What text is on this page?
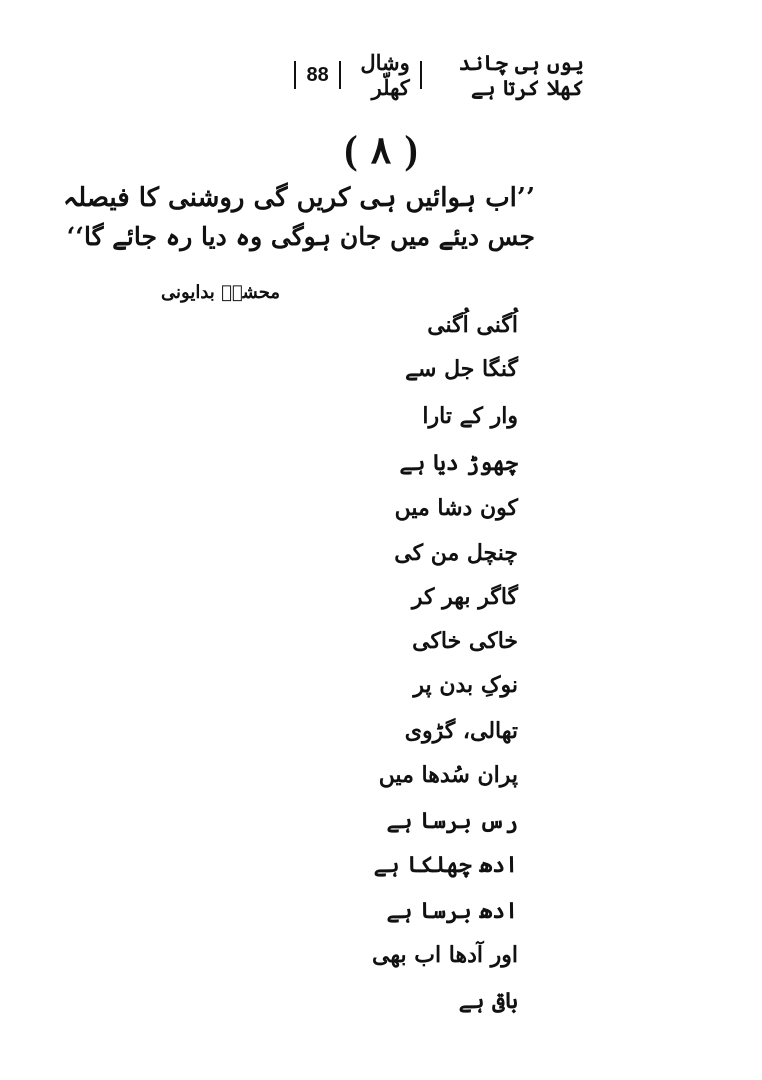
یوں ہی چاند کھلا کرتا ہے
وشال کھلّر
88
( ۸ )
’’اب ہوائیں ہی کریں گی روشنی کا فیصلہ
جس دیئے میں جان ہوگی وہ دیا رہ جائے گا‘‘
محشرؔ بدایونی
اُگنی اُگنی
گنگا جل سے
وار کے تارا
چھوڑ دیا ہے
کون دشا میں
چنچل من کی
گاگر بھر کر
خاکی خاکی
نوکِ بدن پر
تھالی، گڑوی
پران سُدھا میں
رس برسا ہے
ادھ چھلکا ہے
ادھ برسا ہے
اور آدھا اب بھی
باقی ہے
